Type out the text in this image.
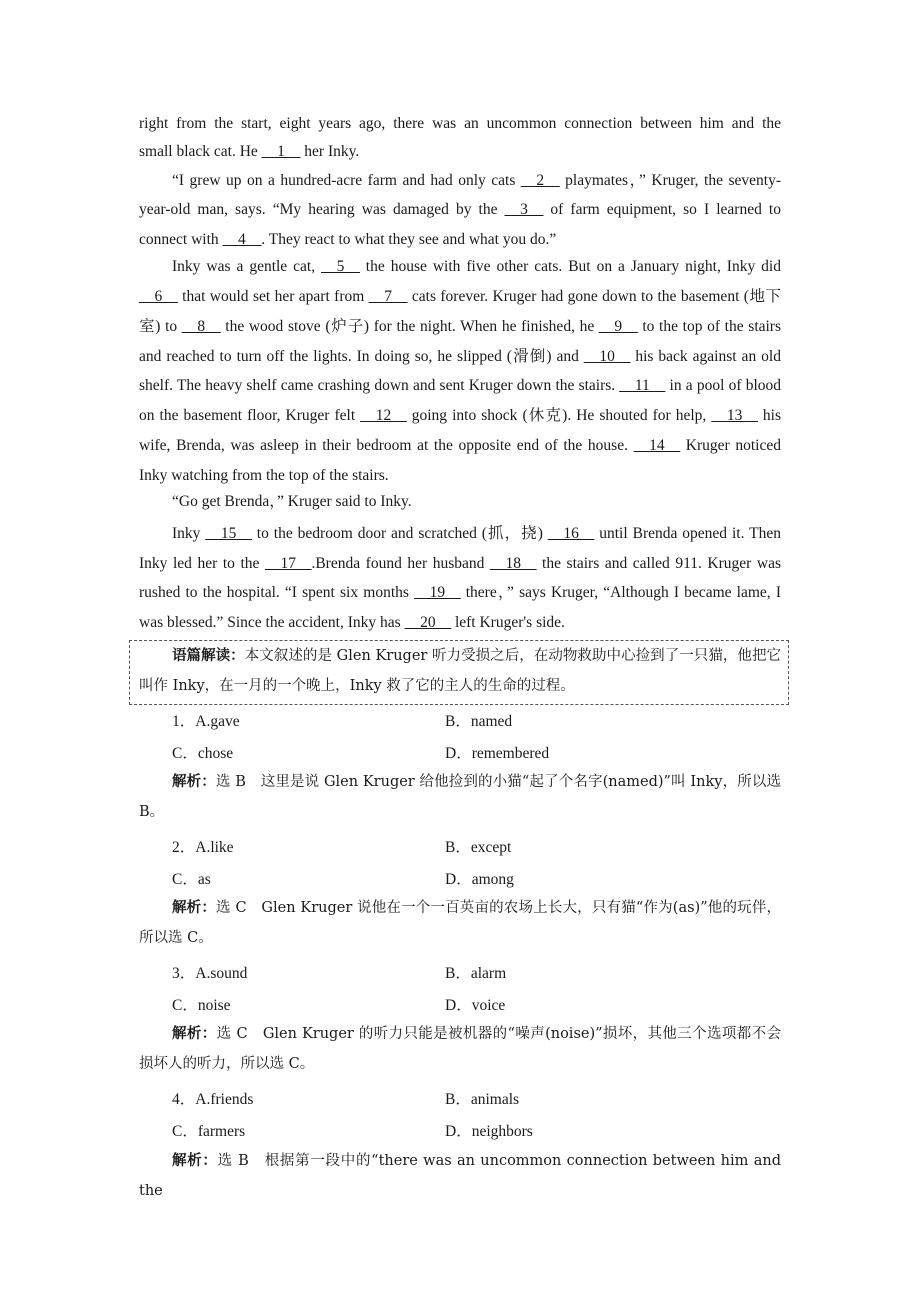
right from the start, eight years ago, there was an uncommon connection between him and the

small black cat. He __1__ her Inky.

“I grew up on a hundred-acre farm and had only cats __2__ playmates，” Kruger, the seventy-year-old man, says. “My hearing was damaged by the __3__ of farm equipment, so I learned to connect with __4__. They react to what they see and what you do.”

Inky was a gentle cat, __5__ the house with five other cats. But on a January night, Inky did __6__ that would set her apart from __7__ cats forever. Kruger had gone down to the basement (地下室) to __8__ the wood stove (炉子) for the night. When he finished, he __9__ to the top of the stairs and reached to turn off the lights. In doing so, he slipped (滑倒) and __10__ his back against an old shelf. The heavy shelf came crashing down and sent Kruger down the stairs. __11__ in a pool of blood on the basement floor, Kruger felt __12__ going into shock (休克). He shouted for help, __13__ his wife, Brenda, was asleep in their bedroom at the opposite end of the house. __14__ Kruger noticed Inky watching from the top of the stairs.

“Go get Brenda，” Kruger said to Inky.

Inky __15__ to the bedroom door and scratched (抓，挠) __16__ until Brenda opened it. Then Inky led her to the __17__.Brenda found her husband __18__ the stairs and called 911. Kruger was rushed to the hospital. “I spent six months __19__ there，” says Kruger, “Although I became lame, I was blessed.” Since the accident, Inky has __20__ left Kruger's side.

语篇解读：本文叙述的是 Glen Kruger 听力受损之后，在动物救助中心捡到了一只猫，他把它叫作 Inky，在一月的一个晚上，Inky 救了它的主人的生命的过程。

1．A.gave	B．named
C．chose	D．remembered

解析：选 B　这里是说 Glen Kruger 给他捡到的小猫“起了个名字(named)”叫 Inky，所以选 B。

2．A.like	B．except
C．as	D．among

解析：选 C　Glen Kruger 说他在一个一百英亩的农场上长大，只有猫“作为(as)”他的玩伴，所以选 C。

3．A.sound	B．alarm
C．noise	D．voice

解析：选 C　Glen Kruger 的听力只能是被机器的“噪声(noise)”损坏，其他三个选项都不会损坏人的听力，所以选 C。

4．A.friends	B．animals
C．farmers	D．neighbors

解析：选 B　根据第一段中的“there was an uncommon connection between him and the
